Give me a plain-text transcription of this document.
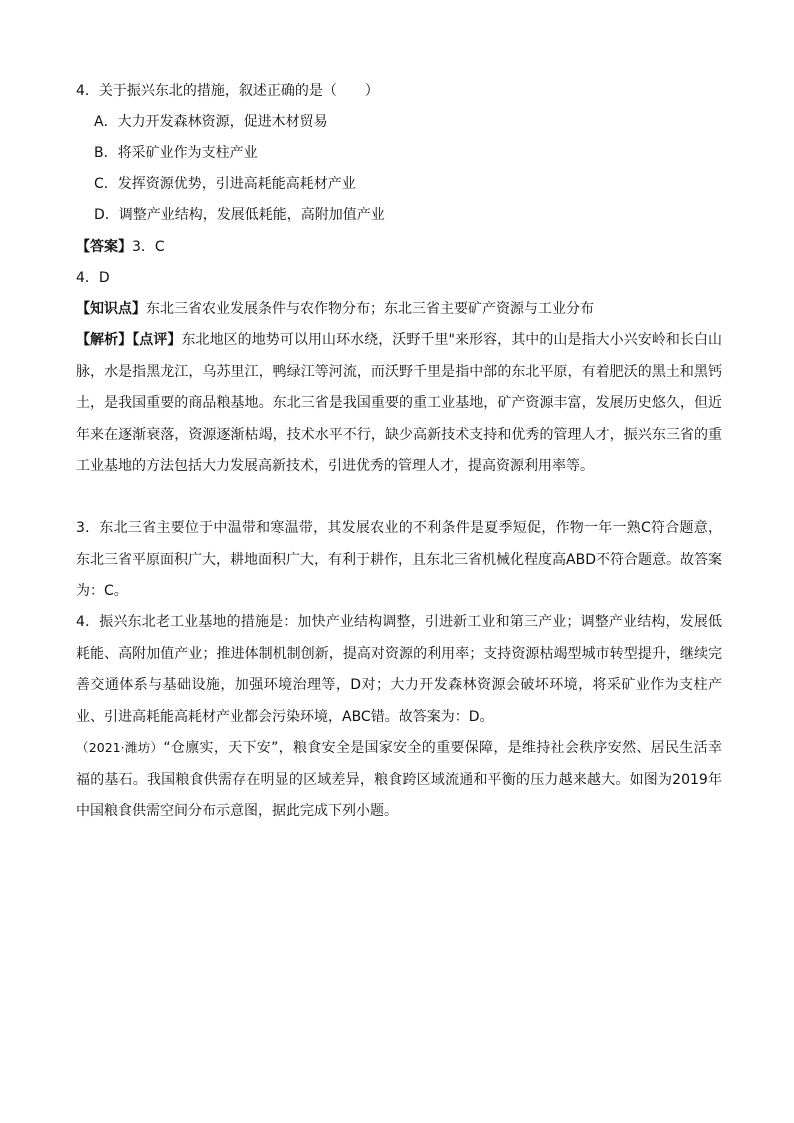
4．关于振兴东北的措施，叙述正确的是（　　）
A．大力开发森林资源，促进木材贸易
B．将采矿业作为支柱产业
C．发挥资源优势，引进高耗能高耗材产业
D．调整产业结构，发展低耗能，高附加值产业
【答案】3．C
4．D
【知识点】东北三省农业发展条件与农作物分布；东北三省主要矿产资源与工业分布
【解析】【点评】东北地区的地势可以用山环水绕，沃野千里"来形容，其中的山是指大小兴安岭和长白山脉，水是指黑龙江，乌苏里江，鸭绿江等河流，而沃野千里是指中部的东北平原，有着肥沃的黑土和黑钙土，是我国重要的商品粮基地。东北三省是我国重要的重工业基地，矿产资源丰富，发展历史悠久，但近年来在逐渐衰落，资源逐渐枯竭，技术水平不行，缺少高新技术支持和优秀的管理人才，振兴东三省的重工业基地的方法包括大力发展高新技术，引进优秀的管理人才，提高资源利用率等。
3．东北三省主要位于中温带和寒温带，其发展农业的不利条件是夏季短促，作物一年一熟C符合题意，东北三省平原面积广大，耕地面积广大，有利于耕作，且东北三省机械化程度高ABD不符合题意。故答案为：C。
4．振兴东北老工业基地的措施是：加快产业结构调整，引进新工业和第三产业；调整产业结构，发展低耗能、高附加值产业；推进体制机制创新，提高对资源的利用率；支持资源枯竭型城市转型提升，继续完善交通体系与基础设施，加强环境治理等，D对；大力开发森林资源会破坏环境，将采矿业作为支柱产业、引进高耗能高耗材产业都会污染环境，ABC错。故答案为：D。
（2021·潍坊）“仓廪实，天下安”，粮食安全是国家安全的重要保障，是维持社会秩序安然、居民生活幸福的基石。我国粮食供需存在明显的区域差异，粮食跨区域流通和平衡的压力越来越大。如图为2019年中国粮食供需空间分布示意图，据此完成下列小题。
